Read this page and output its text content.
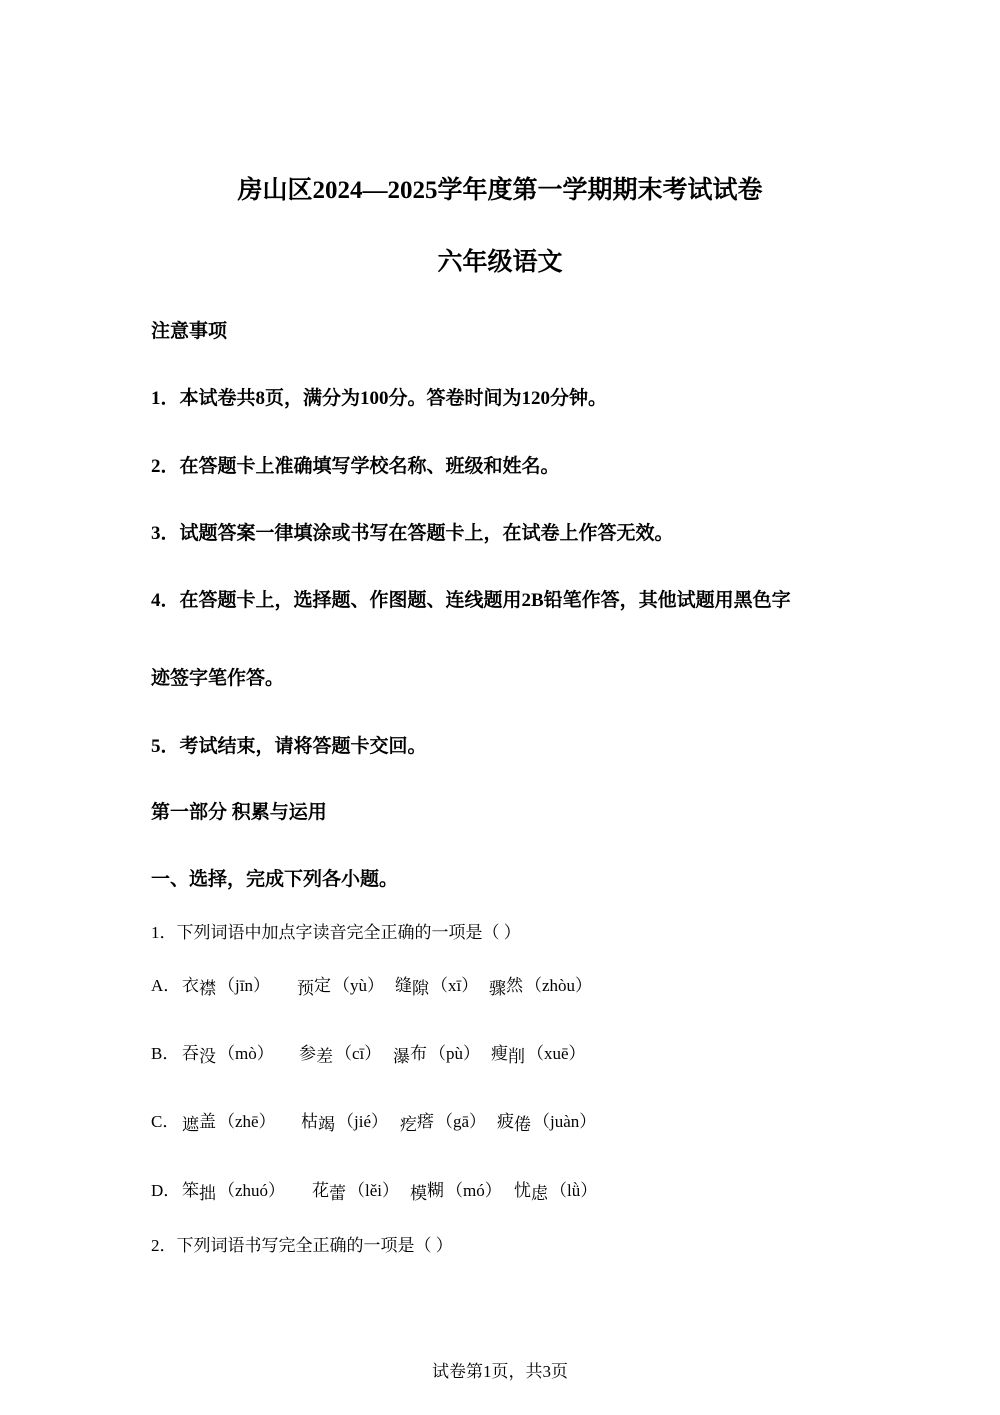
房山区2024—2025学年度第一学期期末考试试卷
六年级语文
注意事项
1．本试卷共8页，满分为100分。答卷时间为120分钟。
2．在答题卡上准确填写学校名称、班级和姓名。
3．试题答案一律填涂或书写在答题卡上，在试卷上作答无效。
4．在答题卡上，选择题、作图题、连线题用2B铅笔作答，其他试题用黑色字
迹签字笔作答。
5．考试结束，请将答题卡交回。
第一部分 积累与运用
一、选择，完成下列各小题。
1．下列词语中加点字读音完全正确的一项是（ ）
A． 衣襟 （jīn） 预定 （yù） 缝隙 （xī） 骤然 （zhòu）
B． 吞没 （mò） 参差 （cī） 瀑布 （pù） 瘦削 （xuē）
C． 遮盖 （zhē） 枯竭 （jié） 疙瘩 （gā） 疲倦 （juàn）
D． 笨拙 （zhuó） 花蕾 （lěi） 模糊 （mó） 忧虑 （lǜ）
2．下列词语书写完全正确的一项是（ ）
试卷第1页，共3页
